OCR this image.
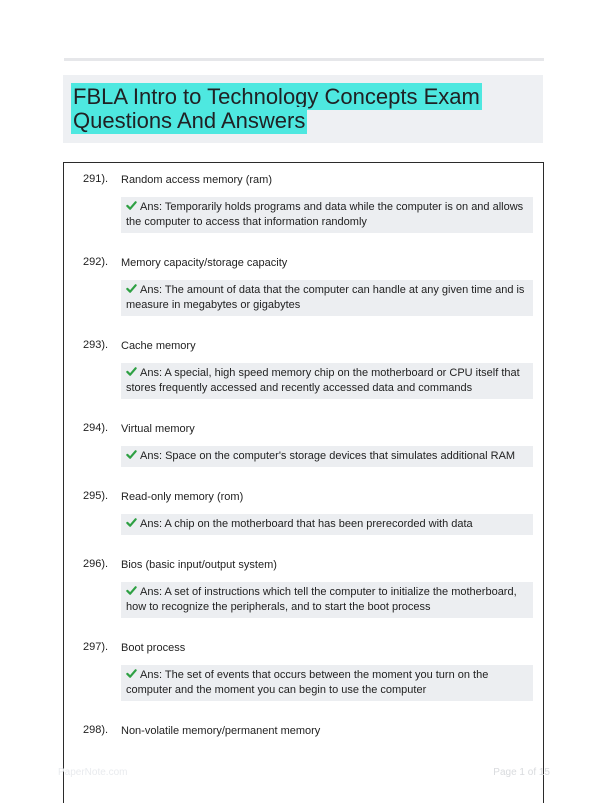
FBLA Intro to Technology Concepts Exam Questions And Answers
291). Random access memory (ram)
Ans: Temporarily holds programs and data while the computer is on and allows the computer to access that information randomly
292). Memory capacity/storage capacity
Ans: The amount of data that the computer can handle at any given time and is measure in megabytes or gigabytes
293). Cache memory
Ans: A special, high speed memory chip on the motherboard or CPU itself that stores frequently accessed and recently accessed data and commands
294). Virtual memory
Ans: Space on the computer's storage devices that simulates additional RAM
295). Read-only memory (rom)
Ans: A chip on the motherboard that has been prerecorded with data
296). Bios (basic input/output system)
Ans: A set of instructions which tell the computer to initialize the motherboard, how to recognize the peripherals, and to start the boot process
297). Boot process
Ans: The set of events that occurs between the moment you turn on the computer and the moment you can begin to use the computer
298). Non-volatile memory/permanent memory
PaperNote.com	Page 1 of 15
